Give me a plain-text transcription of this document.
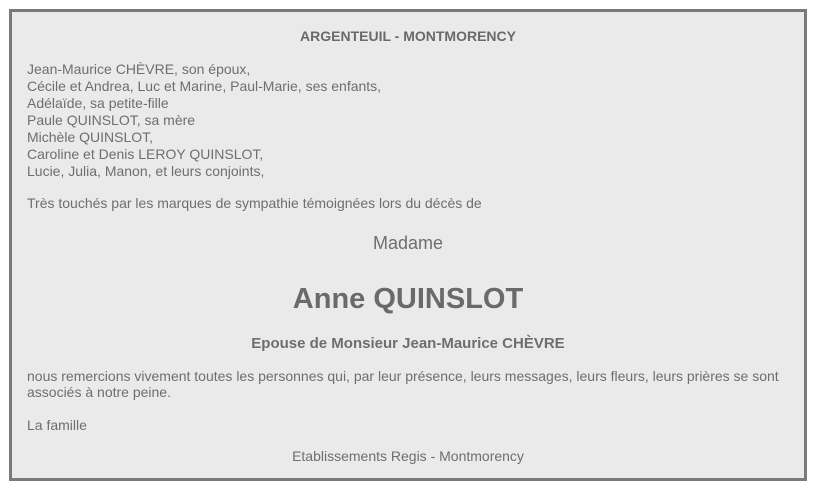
ARGENTEUIL - MONTMORENCY
Jean-Maurice CHÈVRE, son époux,
Cécile et Andrea, Luc et Marine, Paul-Marie, ses enfants,
Adélaïde, sa petite-fille
Paule QUINSLOT, sa mère
Michèle QUINSLOT,
Caroline et Denis LEROY QUINSLOT,
Lucie, Julia, Manon, et leurs conjoints,
Très touchés par les marques de sympathie témoignées lors du décès de
Madame
Anne QUINSLOT
Epouse de Monsieur Jean-Maurice CHÈVRE
nous remercions vivement toutes les personnes qui, par leur présence, leurs messages, leurs fleurs, leurs prières se sont associés à notre peine.
La famille
Etablissements Regis - Montmorency
